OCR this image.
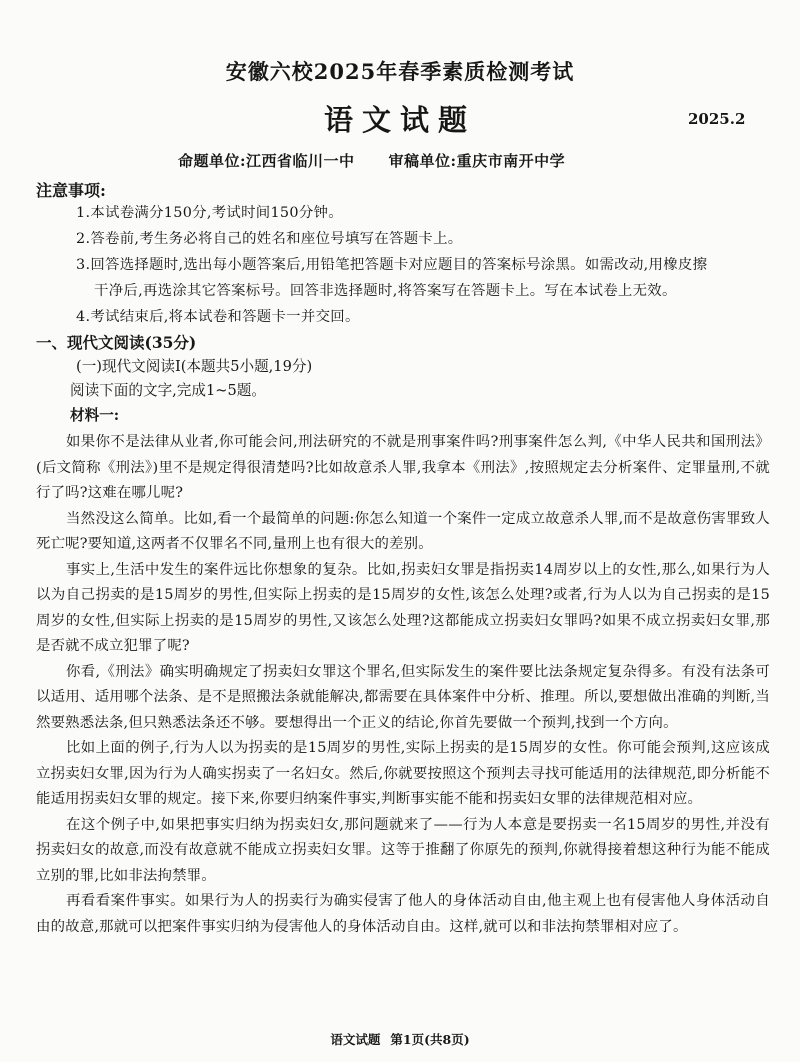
安徽六校2025年春季素质检测考试
语文试题	2025.2
命题单位:江西省临川一中 审稿单位:重庆市南开中学
注意事项:

1.本试卷满分150分,考试时间150分钟。

2.答卷前,考生务必将自己的姓名和座位号填写在答题卡上。

3.回答选择题时,选出每小题答案后,用铅笔把答题卡对应题目的答案标号涂黑。如需改动,用橡皮擦

干净后,再选涂其它答案标号。回答非选择题时,将答案写在答题卡上。写在本试卷上无效。

4.考试结束后,将本试卷和答题卡一并交回。

一、现代文阅读(35分)
(一)现代文阅读Ⅰ(本题共5小题,19分)
阅读下面的文字,完成1~5题。
材料一:

如果你不是法律从业者,你可能会问,刑法研究的不就是刑事案件吗?刑事案件怎么判,《中华人民共和国刑法》(后文简称《刑法》)里不是规定得很清楚吗?比如故意杀人罪,我拿本《刑法》,按照规定去分析案件、定罪量刑,不就行了吗?这难在哪儿呢?

当然没这么简单。比如,看一个最简单的问题:你怎么知道一个案件一定成立故意杀人罪,而不是故意伤害罪致人死亡呢?要知道,这两者不仅罪名不同,量刑上也有很大的差别。

事实上,生活中发生的案件远比你想象的复杂。比如,拐卖妇女罪是指拐卖14周岁以上的女性,那么,如果行为人以为自己拐卖的是15周岁的男性,但实际上拐卖的是15周岁的女性,该怎么处理?或者,行为人以为自己拐卖的是15周岁的女性,但实际上拐卖的是15周岁的男性,又该怎么处理?这都能成立拐卖妇女罪吗?如果不成立拐卖妇女罪,那是否就不成立犯罪了呢?

你看,《刑法》确实明确规定了拐卖妇女罪这个罪名,但实际发生的案件要比法条规定复杂得多。有没有法条可以适用、适用哪个法条、是不是照搬法条就能解决,都需要在具体案件中分析、推理。所以,要想做出准确的判断,当然要熟悉法条,但只熟悉法条还不够。要想得出一个正义的结论,你首先要做一个预判,找到一个方向。

比如上面的例子,行为人以为拐卖的是15周岁的男性,实际上拐卖的是15周岁的女性。你可能会预判,这应该成立拐卖妇女罪,因为行为人确实拐卖了一名妇女。然后,你就要按照这个预判去寻找可能适用的法律规范,即分析能不能适用拐卖妇女罪的规定。接下来,你要归纳案件事实,判断事实能不能和拐卖妇女罪的法律规范相对应。

在这个例子中,如果把事实归纳为拐卖妇女,那问题就来了——行为人本意是要拐卖一名15周岁的男性,并没有拐卖妇女的故意,而没有故意就不能成立拐卖妇女罪。这等于推翻了你原先的预判,你就得接着想这种行为能不能成立别的罪,比如非法拘禁罪。

再看看案件事实。如果行为人的拐卖行为确实侵害了他人的身体活动自由,他主观上也有侵害他人身体活动自由的故意,那就可以把案件事实归纳为侵害他人的身体活动自由。这样,就可以和非法拘禁罪相对应了。

语文试题 第1页(共8页)
